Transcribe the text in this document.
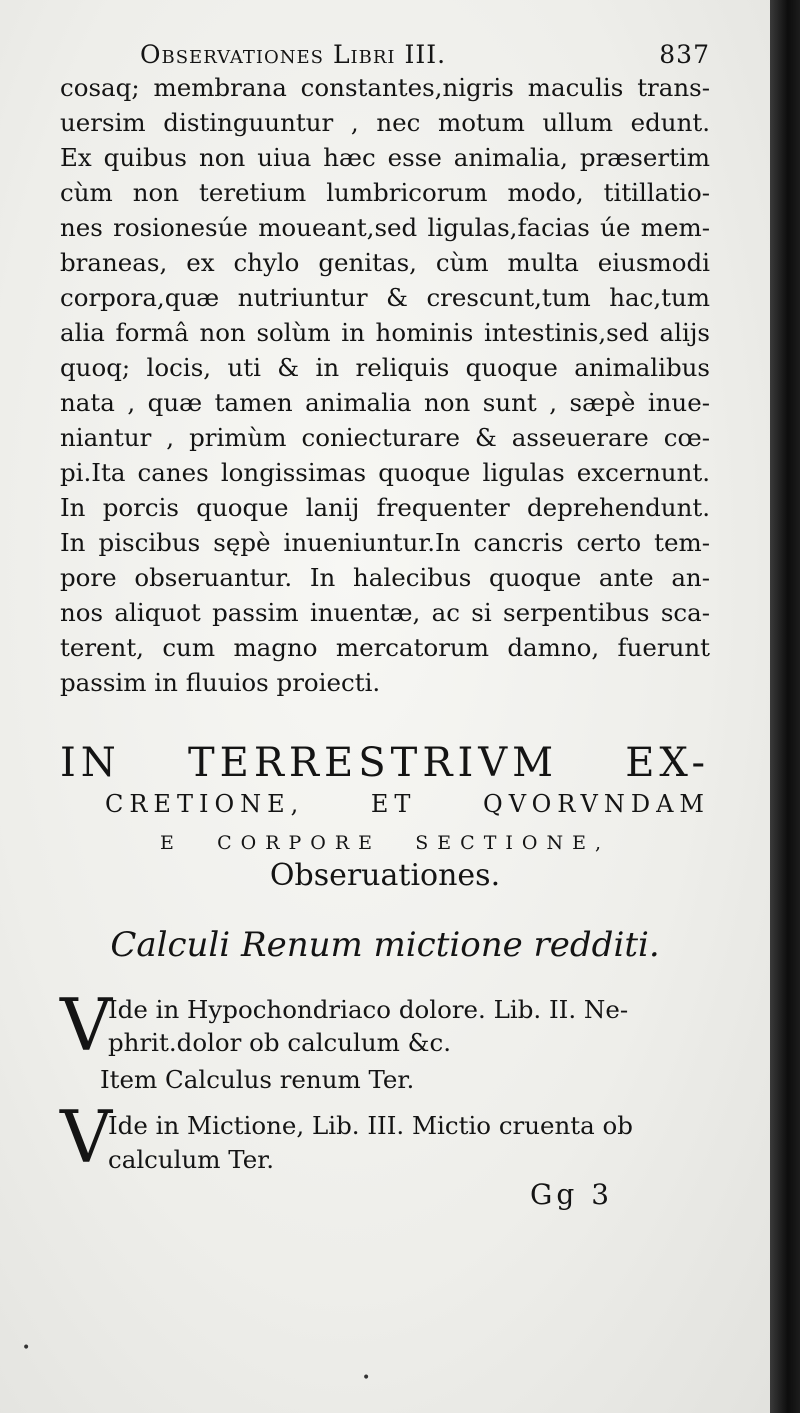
Observationes Libri III.	837
cosaq; membrana constantes,nigris maculis trans-
uersim distinguuntur , nec motum ullum edunt.
Ex quibus non uiua hæc esse animalia, præsertim
cùm non teretium lumbricorum modo, titillatio-
nes rosionesúe moueant,sed ligulas,facias úe mem-
braneas, ex chylo genitas, cùm multa eiusmodi
corpora,quæ nutriuntur & crescunt,tum hac,tum
alia formâ non solùm in hominis intestinis,sed alijs
quoq; locis, uti & in reliquis quoque animalibus
nata , quæ tamen animalia non sunt , sæpè inue-
niantur , primùm coniecturare & asseuerare cœ-
pi.Ita canes longissimas quoque ligulas excernunt.
In porcis quoque lanij frequenter deprehendunt.
In piscibus sępè inueniuntur.In cancris certo tem-
pore obseruantur. In halecibus quoque ante an-
nos aliquot passim inuentæ, ac si serpentibus sca-
terent, cum magno mercatorum damno, fuerunt
passim in fluuios proiecti.
IN TERRESTRIVM EX-
CRETIONE, ET QVORVNDAM
E CORPORE SECTIONE,
Obseruationes.
Calculi Renum mictione redditi.
V
Ide in Hypochondriaco dolore. Lib. II. Ne-
phrit.dolor ob calculum &c.
Item Calculus renum Ter.
V
Ide in Mictione, Lib. III. Mictio cruenta ob
calculum Ter.
Gg 3
•
•
